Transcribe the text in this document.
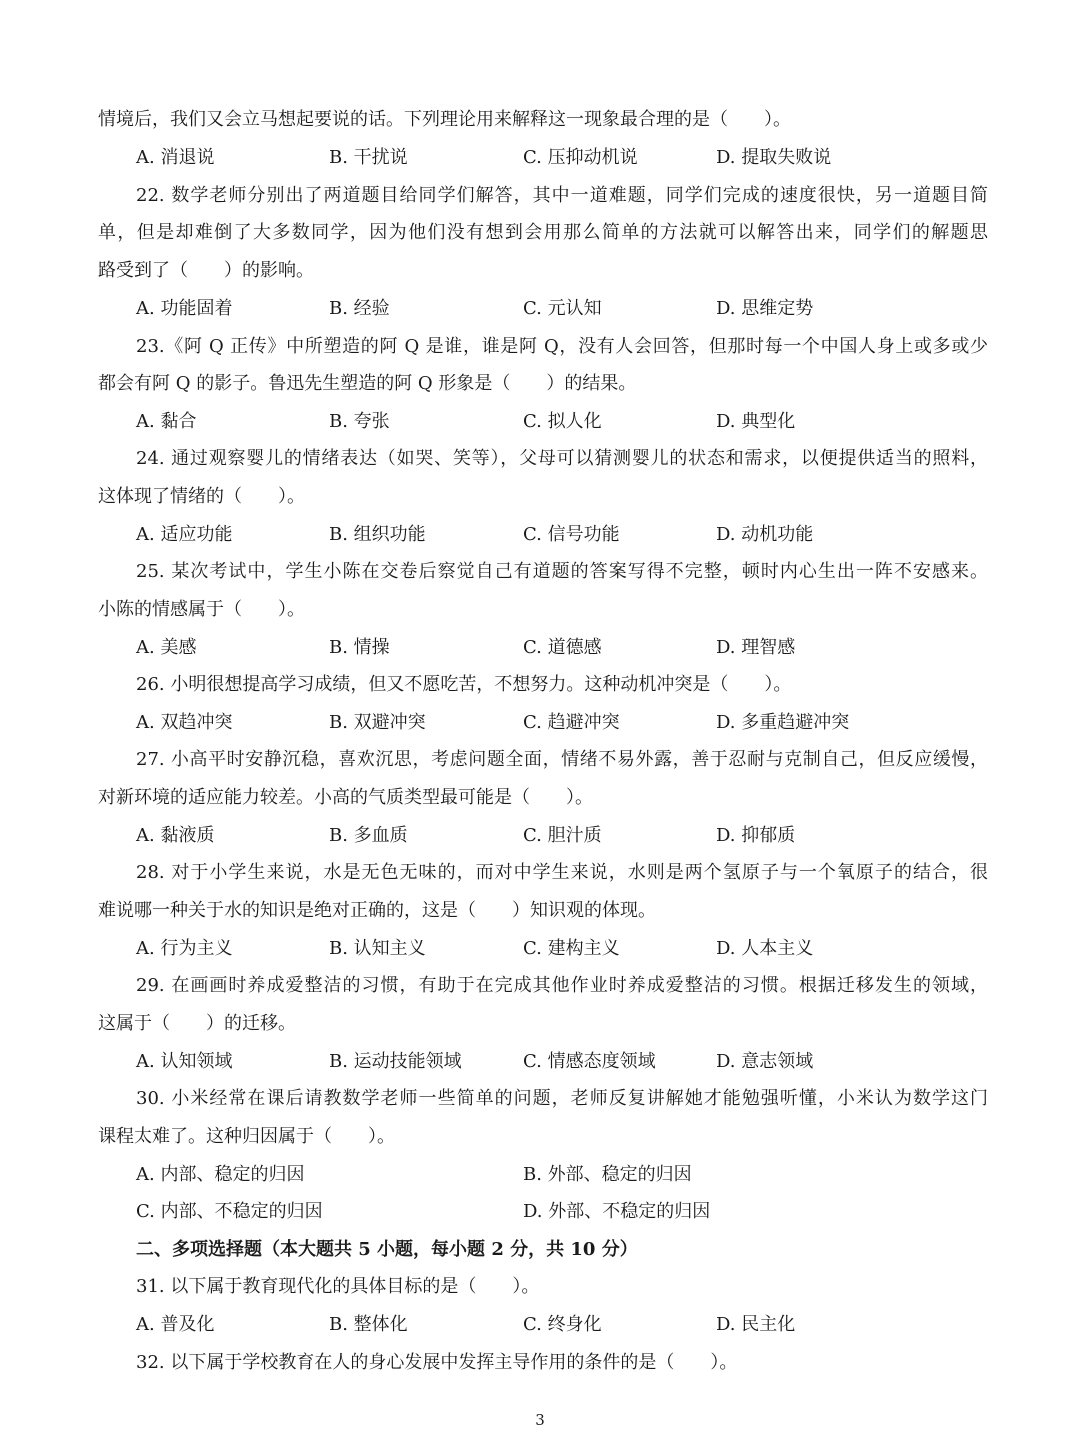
情境后，我们又会立马想起要说的话。下列理论用来解释这一现象最合理的是（　　）。
A. 消退说	B. 干扰说	C. 压抑动机说	D. 提取失败说
22. 数学老师分别出了两道题目给同学们解答，其中一道难题，同学们完成的速度很快，另一道题目简
单，但是却难倒了大多数同学，因为他们没有想到会用那么简单的方法就可以解答出来，同学们的解题思
路受到了（　　）的影响。
A. 功能固着	B. 经验	C. 元认知	D. 思维定势
23.《阿 Q 正传》中所塑造的阿 Q 是谁，谁是阿 Q，没有人会回答，但那时每一个中国人身上或多或少
都会有阿 Q 的影子。鲁迅先生塑造的阿 Q 形象是（　　）的结果。
A. 黏合	B. 夸张	C. 拟人化	D. 典型化
24. 通过观察婴儿的情绪表达（如哭、笑等），父母可以猜测婴儿的状态和需求，以便提供适当的照料，
这体现了情绪的（　　）。
A. 适应功能	B. 组织功能	C. 信号功能	D. 动机功能
25. 某次考试中，学生小陈在交卷后察觉自己有道题的答案写得不完整，顿时内心生出一阵不安感来。
小陈的情感属于（　　）。
A. 美感	B. 情操	C. 道德感	D. 理智感
26. 小明很想提高学习成绩，但又不愿吃苦，不想努力。这种动机冲突是（　　）。
A. 双趋冲突	B. 双避冲突	C. 趋避冲突	D. 多重趋避冲突
27. 小高平时安静沉稳，喜欢沉思，考虑问题全面，情绪不易外露，善于忍耐与克制自己，但反应缓慢，
对新环境的适应能力较差。小高的气质类型最可能是（　　）。
A. 黏液质	B. 多血质	C. 胆汁质	D. 抑郁质
28. 对于小学生来说，水是无色无味的，而对中学生来说，水则是两个氢原子与一个氧原子的结合，很
难说哪一种关于水的知识是绝对正确的，这是（　　）知识观的体现。
A. 行为主义	B. 认知主义	C. 建构主义	D. 人本主义
29. 在画画时养成爱整洁的习惯，有助于在完成其他作业时养成爱整洁的习惯。根据迁移发生的领域，
这属于（　　）的迁移。
A. 认知领域	B. 运动技能领域	C. 情感态度领域	D. 意志领域
30. 小米经常在课后请教数学老师一些简单的问题，老师反复讲解她才能勉强听懂，小米认为数学这门
课程太难了。这种归因属于（　　）。
A. 内部、稳定的归因	B. 外部、稳定的归因
C. 内部、不稳定的归因	D. 外部、不稳定的归因
二、多项选择题（本大题共 5 小题，每小题 2 分，共 10 分）
31. 以下属于教育现代化的具体目标的是（　　）。
A. 普及化	B. 整体化	C. 终身化	D. 民主化
32. 以下属于学校教育在人的身心发展中发挥主导作用的条件的是（　　）。
3
